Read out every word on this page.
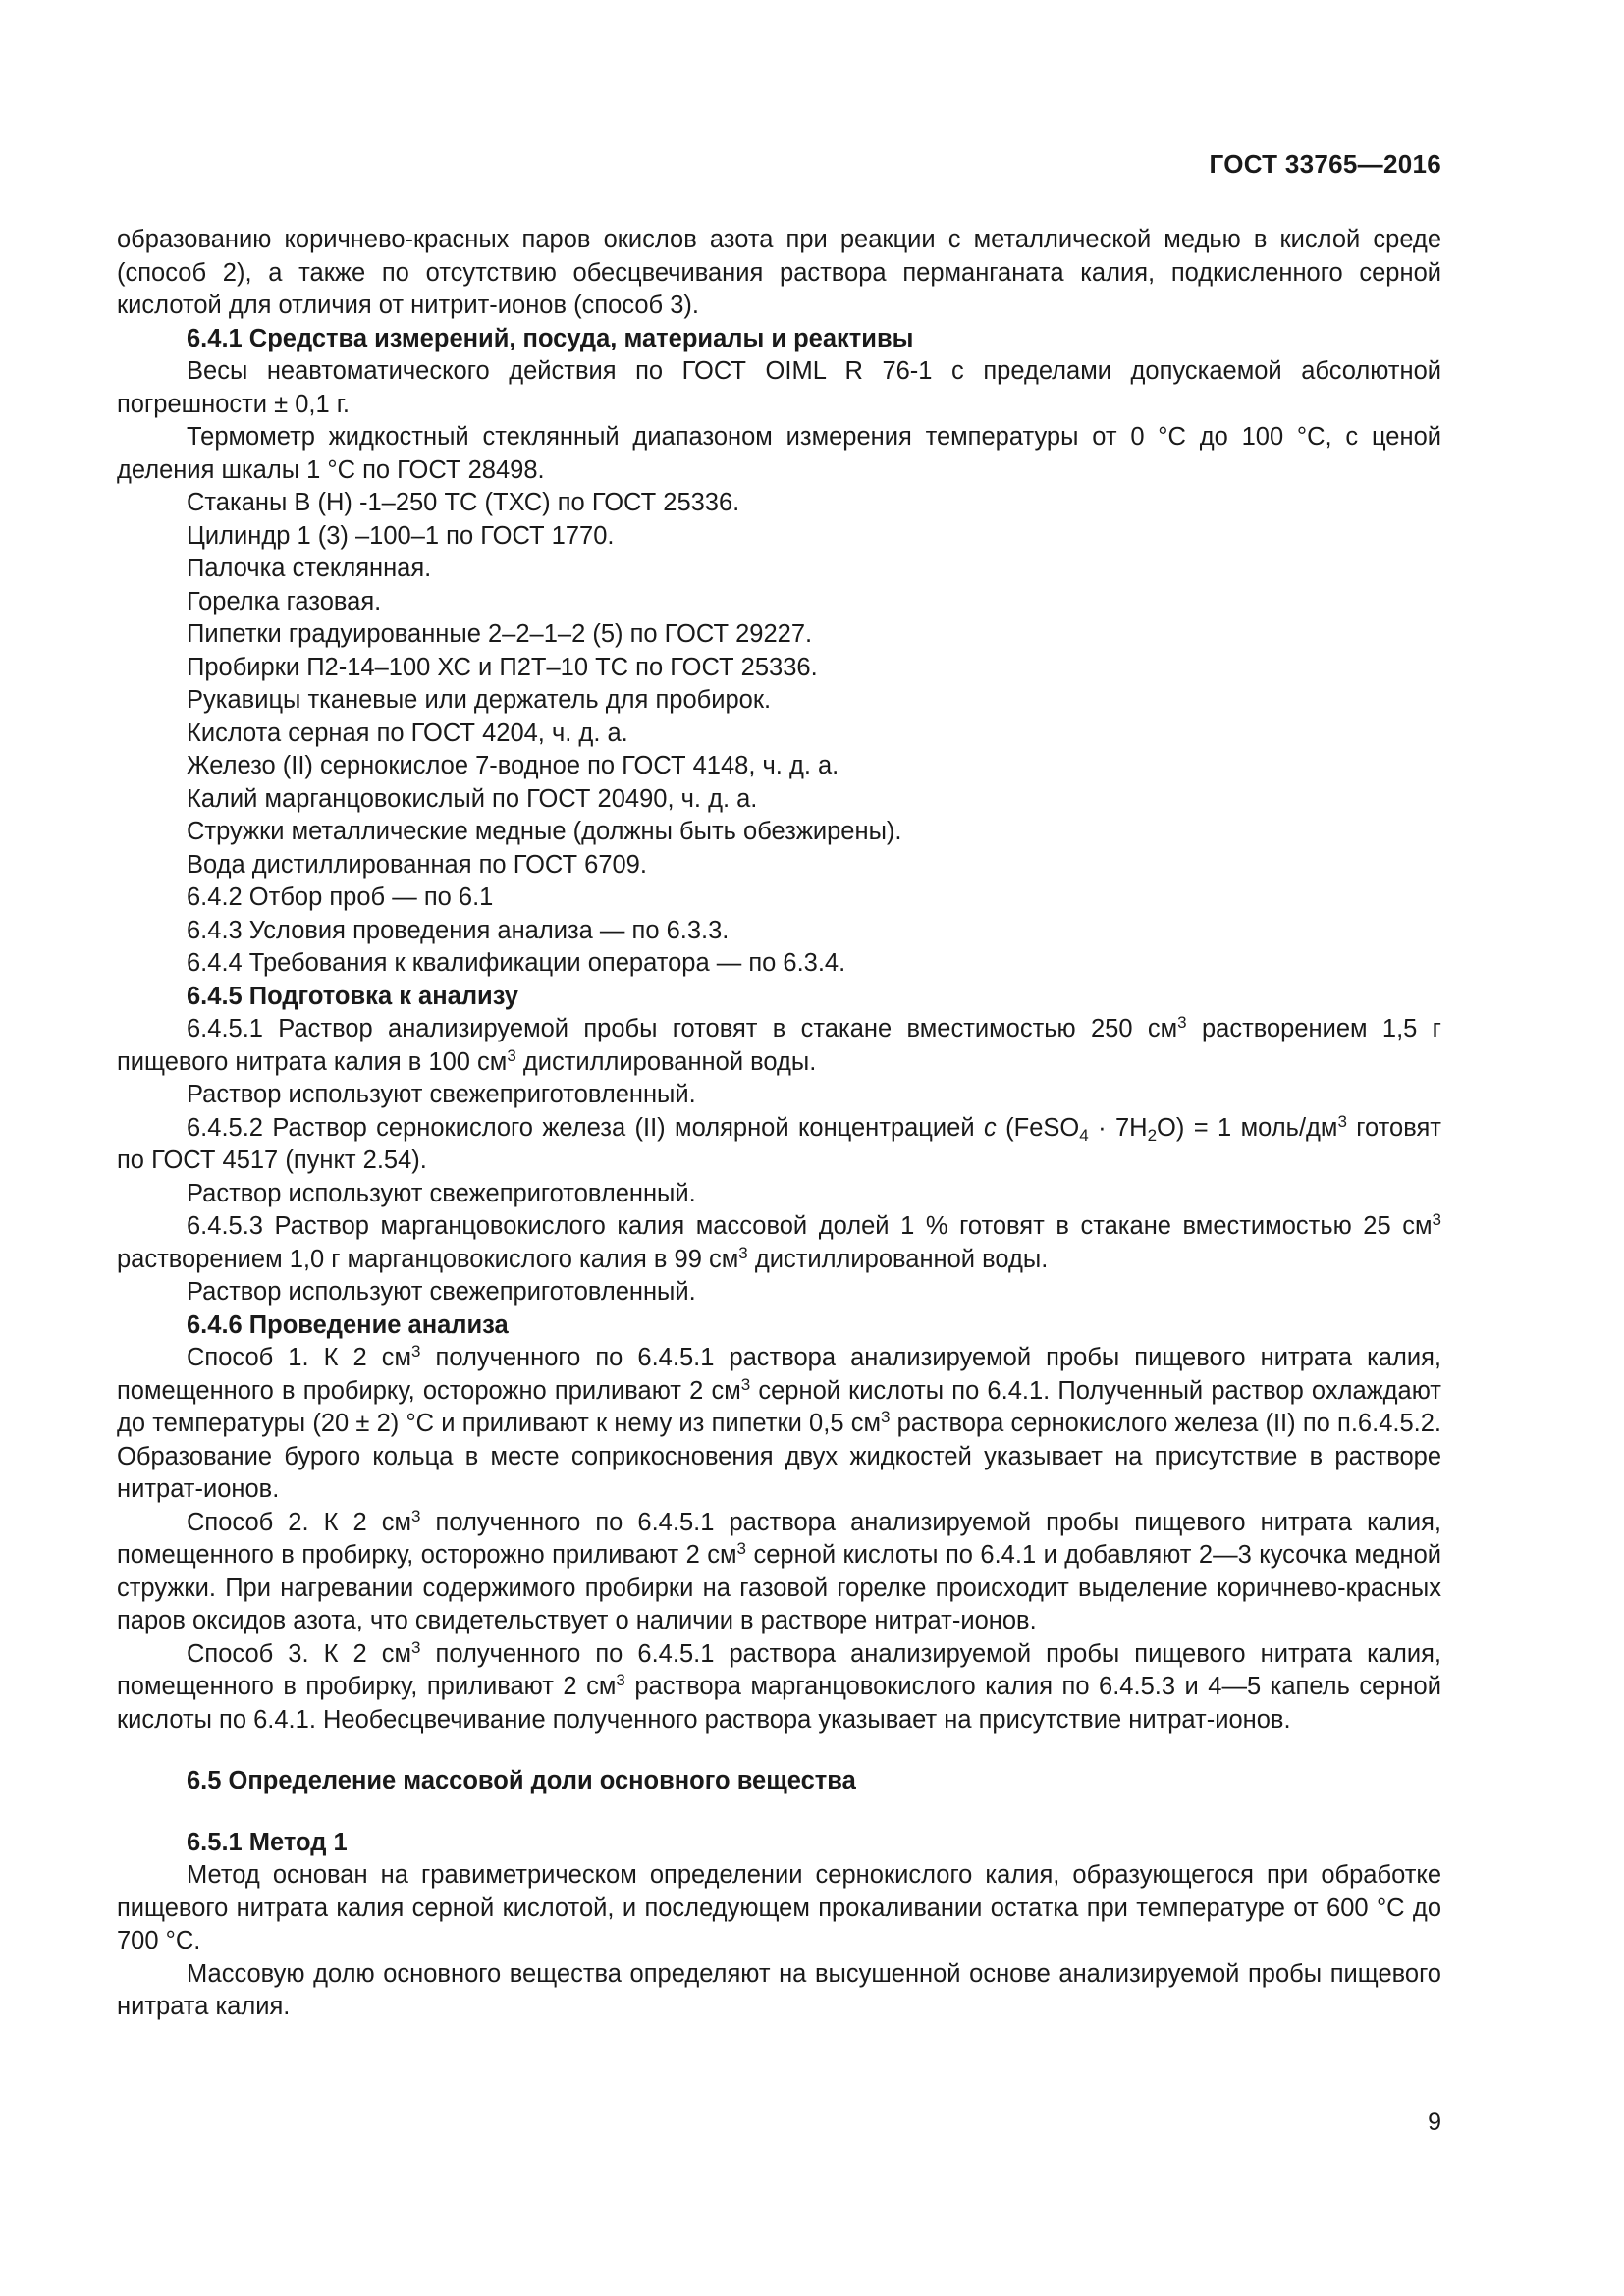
ГОСТ 33765—2016

образованию коричнево-красных паров окислов азота при реакции с металлической медью в кислой среде (способ 2), а также по отсутствию обесцвечивания раствора перманганата калия, подкисленного серной кислотой для отличия от нитрит-ионов (способ 3).

6.4.1 Средства измерений, посуда, материалы и реактивы

Весы неавтоматического действия по ГОСТ OIML R 76-1 с пределами допускаемой абсолютной погрешности ± 0,1 г.

Термометр жидкостный стеклянный диапазоном измерения температуры от 0 °С до 100 °С, с ценой деления шкалы 1 °С по ГОСТ 28498.

Стаканы В (Н) -1–250 ТС (ТХС) по ГОСТ 25336.

Цилиндр 1 (3) –100–1 по ГОСТ 1770.

Палочка стеклянная.

Горелка газовая.

Пипетки градуированные 2–2–1–2 (5) по ГОСТ 29227.

Пробирки П2-14–100 ХС и П2Т–10 ТС по ГОСТ 25336.

Рукавицы тканевые или держатель для пробирок.

Кислота серная по ГОСТ 4204, ч. д. а.

Железо (II) сернокислое 7-водное по ГОСТ 4148, ч. д. а.

Калий марганцовокислый по ГОСТ 20490, ч. д. а.

Стружки металлические медные (должны быть обезжирены).

Вода дистиллированная по ГОСТ 6709.

6.4.2 Отбор проб — по 6.1

6.4.3 Условия проведения анализа — по 6.3.3.

6.4.4 Требования к квалификации оператора — по 6.3.4.

6.4.5 Подготовка к анализу

6.4.5.1 Раствор анализируемой пробы готовят в стакане вместимостью 250 $см^3$ растворением 1,5 г пищевого нитрата калия в 100 $см^3$ дистиллированной воды.

Раствор используют свежеприготовленный.

6.4.5.2 Раствор сернокислого железа (II) молярной концентрацией с (FeSO$_4$ · $7H_2O) = 1$ моль/$дм^3$ готовят по ГОСТ 4517 (пункт 2.54).

Раствор используют свежеприготовленный.

6.4.5.3 Раствор марганцовокислого калия массовой долей 1 % готовят в стакане вместимостью 25 $см^3$ растворением 1,0 г марганцовокислого калия в 99 $см^3$ дистиллированной воды.

Раствор используют свежеприготовленный.

6.4.6 Проведение анализа

Способ 1. К 2 $см^3$ полученного по 6.4.5.1 раствора анализируемой пробы пищевого нитрата калия, помещенного в пробирку, осторожно приливают 2 $см^3$ серной кислоты по 6.4.1. Полученный раствор охлаждают до температуры (20 ± 2) °С и приливают к нему из пипетки 0,5 $см^3$ раствора сернокислого железа (II) по п.6.4.5.2. Образование бурого кольца в месте соприкосновения двух жидкостей указывает на присутствие в растворе нитрат-ионов.

Способ 2. К 2 $см^3$ полученного по 6.4.5.1 раствора анализируемой пробы пищевого нитрата калия, помещенного в пробирку, осторожно приливают 2 $см^3$ серной кислоты по 6.4.1 и добавляют 2—3 кусочка медной стружки. При нагревании содержимого пробирки на газовой горелке происходит выделение коричнево-красных паров оксидов азота, что свидетельствует о наличии в растворе нитрат-ионов.

Способ 3. К 2 $см^3$ полученного по 6.4.5.1 раствора анализируемой пробы пищевого нитрата калия, помещенного в пробирку, приливают 2 $см^3$ раствора марганцовокислого калия по 6.4.5.3 и 4—5 капель серной кислоты по 6.4.1. Необесцвечивание полученного раствора указывает на присутствие нитрат-ионов.

6.5 Определение массовой доли основного вещества

6.5.1 Метод 1

Метод основан на гравиметрическом определении сернокислого калия, образующегося при обработке пищевого нитрата калия серной кислотой, и последующем прокаливании остатка при температуре от 600 °С до 700 °С.

Массовую долю основного вещества определяют на высушенной основе анализируемой пробы пищевого нитрата калия.

9
